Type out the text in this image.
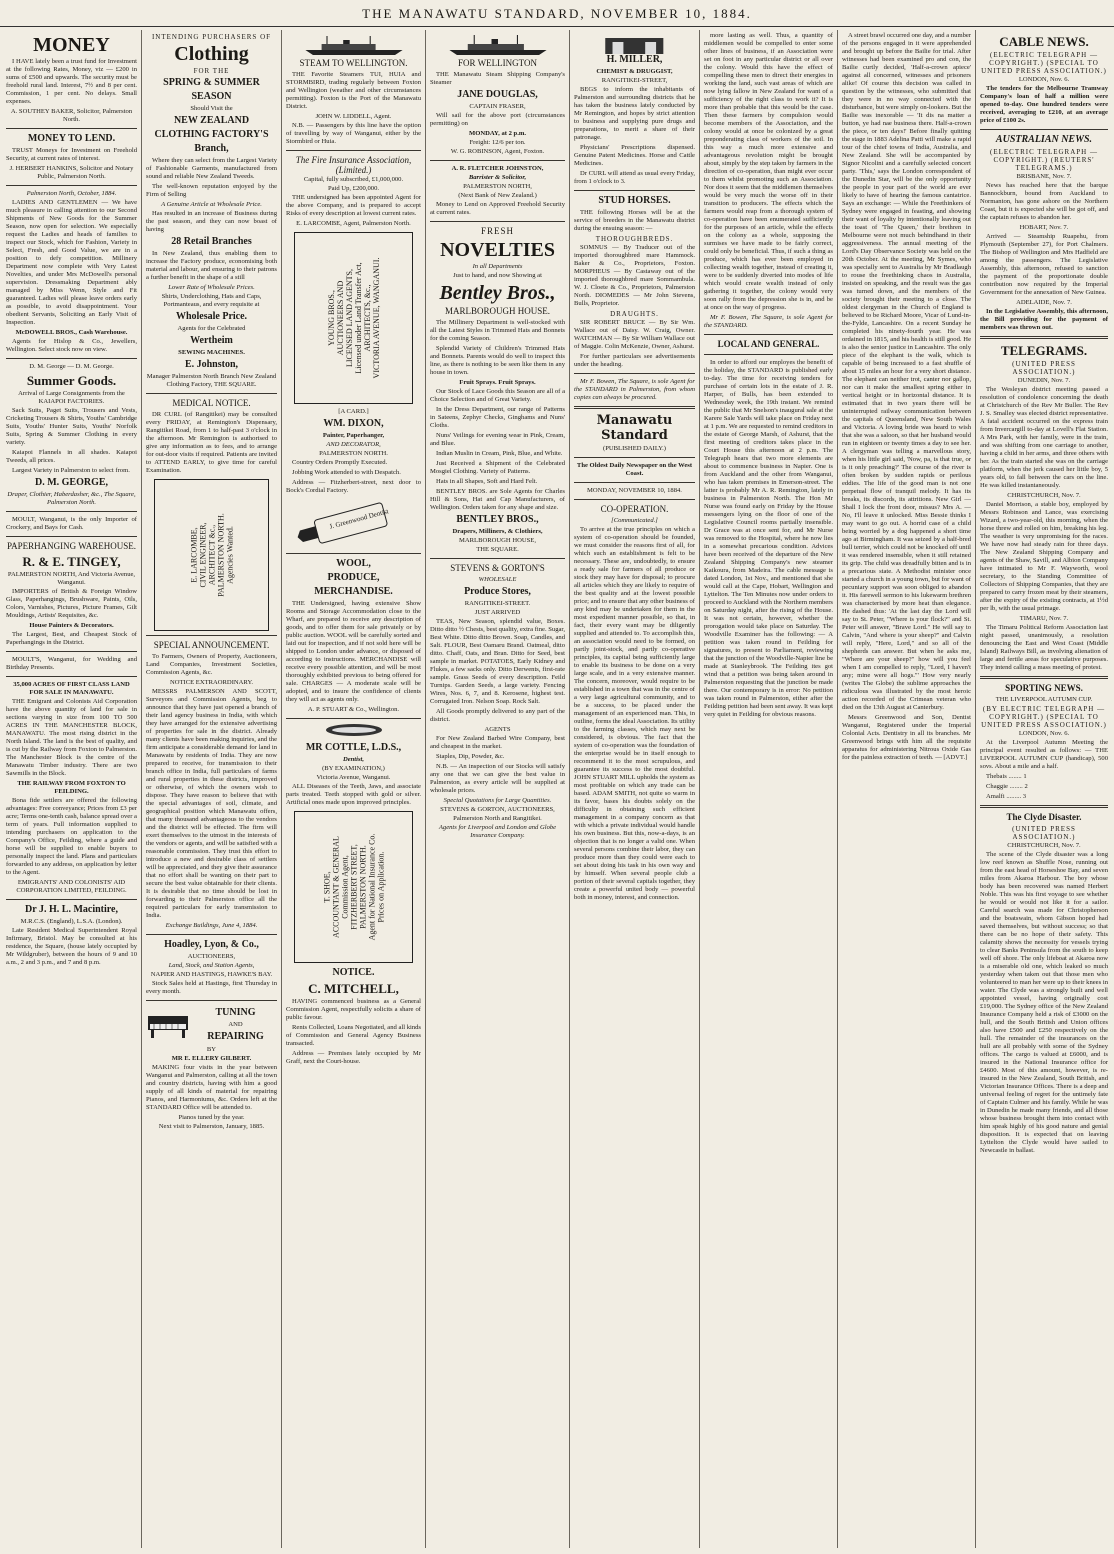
THE MANAWATU STANDARD, NOVEMBER 10, 1884.
MONEY

I HAVE lately been a trust fund for Investment at the following Rates, Money, viz — £200 in sums of £500 and upwards. The security must be freehold rural land. Interest, 7½ and 8 per cent. Commission, 1 per cent. No delays. Small expenses.

A. SOUTHEY BAKER, Solicitor, Palmerston North.

MONEY TO LEND.

TRUST Moneys for Investment on Freehold Security, at current rates of interest.

J. HERBERT HANKINS, Solicitor and Notary Public, Palmerston North.

Palmerston North, October, 1884.

LADIES AND GENTLEMEN — We have much pleasure in calling attention to our Second Shipments of New Goods for the Summer Season, now open for selection. We especially request the Ladies and heads of families to inspect our Stock, which for Fashion, Variety in Select, Fresh, and Good Value, we are in a position to defy competition. Millinery Department now complete with Very Latest Novelties, and under Mrs McDowell's personal supervision. Dressmaking Department ably managed by Miss Wenn, Style and Fit guaranteed. Ladies will please leave orders early as possible, to avoid disappointment. Your obedient Servants, Soliciting an Early Visit of Inspection.

McDOWELL BROS., Cash Warehouse.

Agents for Hislop & Co., Jewellers, Wellington. Select stock now on view.

D. M. George — D. M. George.

Summer Goods.

Arrival of Large Consignments from the KAIAPOI FACTORIES.

Sack Suits, Paget Suits, Trousers and Vests, Cricketing Trousers & Shirts, Youths' Cambridge Suits, Youths' Hunter Suits, Youths' Norfolk Suits, Spring & Summer Clothing in every variety.

Kaiapoi Flannels in all shades. Kaiapoi Tweeds, all prices.

Largest Variety in Palmerston to select from.

D. M. GEORGE,

Draper, Clothier, Haberdasher, &c., The Square, Palmerston North.

MOULT, Wanganui, is the only Importer of Crockery, and Bays for Cash.

PAPERHANGING WAREHOUSE.
R. & E. TINGEY,

PALMERSTON NORTH, And Victoria Avenue, Wanganui.

IMPORTERS of British & Foreign Window Glass, Paperhangings, Brushware, Paints, Oils, Colors, Varnishes, Pictures, Picture Frames, Gilt Mouldings, Artists' Requisites, &c.

House Painters & Decorators.

The Largest, Best, and Cheapest Stock of Paperhangings in the District.

MOULT'S, Wanganui, for Wedding and Birthday Presents.

35,000 ACRES OF FIRST CLASS LAND FOR SALE IN MANAWATU.

THE Emigrant and Colonists Aid Corporation have the above quantity of land for sale in sections varying in size from 100 TO 500 ACRES IN THE MANCHESTER BLOCK, MANAWATU. The most rising district in the North Island. The land is the best of quality, and is cut by the Railway from Foxton to Palmerston. The Manchester Block is the centre of the Manawatu Timber industry. There are two Sawmills in the Block.

THE RAILWAY FROM FOXTON TO FEILDING.

Bona fide settlers are offered the following advantages: Free conveyance; Prices from £3 per acre; Terms one-tenth cash, balance spread over a term of years. Full information supplied to intending purchasers on application to the Company's Office, Feilding, where a guide and horse will be supplied to enable buyers to personally inspect the land. Plans and particulars forwarded to any address, on application by letter to the Agent.

EMIGRANTS' AND COLONISTS' AID CORPORATION LIMITED, FEILDING.

Dr J. H. L. Macintire,

M.R.C.S. (England), L.S.A. (London).

Late Resident Medical Superintendent Royal Infirmary, Bristol. May be consulted at his residence, the Square, (house lately occupied by Mr Wildgruber), between the hours of 9 and 10 a.m., 2 and 3 p.m., and 7 and 8 p.m.

INTENDING PURCHASERS OF

Clothing

FOR THE

SPRING & SUMMER
SEASON

Should Visit the

NEW ZEALAND
CLOTHING FACTORY'S
Branch,

Where they can select from the Largest Variety of Fashionable Garments, manufactured from sound and reliable New Zealand Tweeds.

The well-known reputation enjoyed by the Firm of Selling

A Genuine Article at Wholesale Price.

Has resulted in an increase of Business during the past season, and they can now boast of having

28 Retail Branches

In New Zealand, thus enabling them to increase the Factory produce, economising both material and labour, and ensuring to their patrons a further benefit in the shape of a still

Lower Rate of Wholesale Prices.

Shirts, Underclothing, Hats and Caps, Portmanteaus, and every requisite at

Wholesale Price.

Agents for the Celebrated

Wertheim

SEWING MACHINES.

E. Johnston,

Manager Palmerston North Branch New Zealand Clothing Factory, THE SQUARE.

MEDICAL NOTICE.

DR CURL (of Rangitikei) may be consulted every FRIDAY, at Remington's Dispensary, Rangitikei Road, from 1 to half-past 3 o'clock in the afternoon. Mr Remington is authorised to give any information as to fees, and to arrange for out-door visits if required. Patients are invited to ATTEND EARLY, to give time for careful Examination.

E. LARCOMBE, CIVIL ENGINEER, ARCHITECT &c., PALMERSTON NORTH. Agencies Wanted.
SPECIAL ANNOUNCEMENT.

To Farmers, Owners of Property, Auctioneers, Land Companies, Investment Societies, Commission Agents, &c.

NOTICE EXTRAORDINARY.

MESSRS PALMERSON AND SCOTT, Surveyors and Commission Agents, beg to announce that they have just opened a branch of their land agency business in India, with which they have arranged for the extensive advertising of properties for sale in the district. Already many clients have been making inquiries, and the firm anticipate a considerable demand for land in Manawatu by residents of India. They are now prepared to receive, for transmission to their branch office in India, full particulars of farms and rural properties in these districts, improved or otherwise, of which the owners wish to dispose. They have reason to believe that with the special advantages of soil, climate, and geographical position which Manawatu offers, that many thousand advantageous to the vendors and the district will be effected. The firm will exert themselves to the utmost in the interests of the vendors or agents, and will be satisfied with a reasonable commission. They trust this effort to introduce a new and desirable class of settlers will be appreciated, and they give their assurance that no effort shall be wanting on their part to secure the best value obtainable for their clients. It is desirable that no time should be lost in forwarding to their Palmerston office all the required particulars for early transmission to India.

Exchange Buildings, June 4, 1884.

Hoadley, Lyon, & Co.,

AUCTIONEERS,

Land, Stock, and Station Agents,

NAPIER AND HASTINGS, HAWKE'S BAY.

Stock Sales held at Hastings, first Thursday in every month.

TUNING

AND

REPAIRING

BY

MR E. ELLERY GILBERT.

MAKING four visits in the year between Wanganui and Palmerston, calling at all the town and country districts, having with him a good supply of all kinds of material for repairing Pianos, and Harmoniums, &c. Orders left at the STANDARD Office will be attended to.

Pianos tuned by the year.

Next visit to Palmerston, January, 1885.

STEAM TO WELLINGTON.

THE Favorite Steamers TUI, HUIA and STORMBIRD, trading regularly between Foxton and Wellington (weather and other circumstances permitting). Foxton is the Port of the Manawatu District.

JOHN W. LIDDELL, Agent.

N.B. — Passengers by this line have the option of travelling by way of Wanganui, either by the Stormbird or Huia.

The Fire Insurance Association, (Limited.)

Capital, fully subscribed, £1,000,000.

Paid Up, £200,000.

THE undersigned has been appointed Agent for the above Company, and is prepared to accept Risks of every description at lowest current rates.

E. LARCOMBE, Agent, Palmerston North.

YOUNG BROS., AUCTIONEERS AND LICENSED LAND AGENTS, Licensed under Land Transfer Act, ARCHITECTS, &c., VICTORIA AVENUE, WANGANUI.

[A CARD.]

WM. DIXON,

Painter, Paperhanger,

AND DECORATOR,

PALMERSTON NORTH.

Country Orders Promptly Executed.

Jobbing Work attended to with Despatch.

Address — Fitzherbert-street, next door to Bock's Cordial Factory.

J. Greenwood Dentist
WOOL,
PRODUCE,
MERCHANDISE.

THE Undersigned, having extensive Show Rooms and Storage Accommodation close to the Wharf, are prepared to receive any description of goods, and to offer them for sale privately or by public auction. WOOL will be carefully sorted and laid out for inspection, and if not sold here will be shipped to London under advance, or disposed of according to instructions. MERCHANDISE will receive every possible attention, and will be most thoroughly exhibited previous to being offered for sale. CHARGES — A moderate scale will be adopted, and to insure the confidence of clients they will act as agents only.

A. P. STUART & Co., Wellington.

MR COTTLE, L.D.S.,

Dentist,

(BY EXAMINATION,)

Victoria Avenue, Wanganui.

ALL Diseases of the Teeth, Jaws, and associate parts treated. Teeth stopped with gold or silver. Artificial ones made upon improved principles.

T. SHOE, ACCOUNTANT & GENERAL Commission Agent, FITZHERBERT STREET, PALMERSTON NORTH. Agent for National Insurance Co. Prices on Application.
NOTICE.
C. MITCHELL,

HAVING commenced business as a General Commission Agent, respectfully solicits a share of public favour.

Rents Collected, Loans Negotiated, and all kinds of Commission and General Agency Business transacted.

Address — Premises lately occupied by Mr Graff, next the Court-house.

FOR WELLINGTON

THE Manawatu Steam Shipping Company's Steamer

JANE DOUGLAS,

CAPTAIN FRASER,

Will sail for the above port (circumstances permitting) on

MONDAY, at 2 p.m.

Freight: 12/6 per ton.

W. G. ROBINSON, Agent, Foxton.

A. R. FLETCHER JOHNSTON,

Barrister & Solicitor,

PALMERSTON NORTH,

(Next Bank of New Zealand.)

Money to Lend on Approved Freehold Security at current rates.

FRESH
NOVELTIES

In all Departments

Just to hand, and now Showing at

Bentley Bros.,
MARLBOROUGH HOUSE.

The Millinery Department is well-stocked with all the Latest Styles in Trimmed Hats and Bonnets for the coming Season.

Splendid Variety of Children's Trimmed Hats and Bonnets. Parents would do well to inspect this line, as there is nothing to be seen like them in any house in town.

Fruit Sprays. Fruit Sprays.

Our Stock of Lace Goods this Season are all of a Choice Selection and of Great Variety.

In the Dress Department, our range of Patterns in Sateens, Zephyr Checks, Ginghams and Nuns' Cloths.

Nuns' Veilings for evening wear in Pink, Cream, and Blue.

Indian Muslin in Cream, Pink, Blue, and White.

Just Received a Shipment of the Celebrated Mosgiel Clothing. Variety of Patterns.

Hats in all Shapes, Soft and Hard Felt.

BENTLEY BROS. are Sole Agents for Charles Hill & Sons, Hat and Cap Manufacturers, of Wellington. Orders taken for any shape and size.

BENTLEY BROS.,

Drapers, Milliners, & Clothiers,

MARLBOROUGH HOUSE,

THE SQUARE.

STEVENS & GORTON'S

WHOLESALE

Produce Stores,

RANGITIKEI-STREET.

JUST ARRIVED

TEAS, New Season, splendid value, Boxes. Ditto ditto ½ Chests, best quality, extra fine. Sugar, Best White. Ditto ditto Brown. Soap, Candles, and Salt. FLOUR, Best Oamaru Brand. Oatmeal, ditto ditto. Chaff, Oats, and Bran. Ditto for Seed, best sample in market. POTATOES, Early Kidney and Flukes, a few sacks only. Ditto Derwents, first-rate sample. Grass Seeds of every description. Feild Turnips. Garden Seeds, a large variety. Fencing Wires, Nos. 6, 7, and 8. Kerosene, highest test. Corrugated Iron. Nelson Soap. Rock Salt.

All Goods promptly delivered to any part of the district.

AGENTS

For New Zealand Barbed Wire Company, best and cheapest in the market.

Staples, Dip, Powder, &c.

N.B. — An inspection of our Stocks will satisfy any one that we can give the best value in Palmerston, as every article will be supplied at wholesale prices.

Special Quotations for Large Quantities.

STEVENS & GORTON, AUCTIONEERS,

Palmerston North and Rangitikei.

Agents for Liverpool and London and Globe Insurance Company.

H. MILLER,

CHEMIST & DRUGGIST,

RANGITIKEI-STREET,

BEGS to inform the inhabitants of Palmerston and surrounding districts that he has taken the business lately conducted by Mr Remington, and hopes by strict attention to business and supplying pure drugs and preparations, to merit a share of their patronage.

Physicians' Prescriptions dispensed. Genuine Patent Medicines. Horse and Cattle Medicines.

Dr CURL will attend as usual every Friday, from 1 o'clock to 3.

STUD HORSES.

THE following Horses will be at the service of breeders in the Manawatu district during the ensuing season: —

THOROUGHBREDS.

SOMNUS — By Traducer out of the imported thoroughbred mare Hammock. Baker & Co., Proprietors, Foxton. MORPHEUS — By Castaway out of the imported thoroughbred mare Sommambula. W. J. Cloete & Co., Proprietors, Palmerston North. DIOMEDES — Mr John Stevens, Bulls, Proprietor.

DRAUGHTS.

SIR ROBERT BRUCE — By Sir Wm. Wallace out of Daisy. W. Craig, Owner. WATCHMAN — By Sir William Wallace out of Maggie. Colin McKenzie, Owner, Ashurst.

For further particulars see advertisements under the heading.

Mr F. Bowen, The Square, is sole Agent for the STANDARD in Palmerston, from whom copies can always be procured.

Manawatu Standard

(PUBLISHED DAILY.)

The Oldest Daily Newspaper on the West Coast.

MONDAY, NOVEMBER 10, 1884.

CO-OPERATION.

[Communicated.]

To arrive at the true principles on which a system of co-operation should be founded, we must consider the reasons first of all, for which such an establishment is felt to be necessary. These are, undoubtedly, to ensure a ready sale for farmers of all produce or stock they may have for disposal; to procure all articles which they are likely to require of the best quality and at the lowest possible price; and to ensure that any other business of any kind may be undertaken for them in the most expedient manner possible, so that, in fact, their every want may be diligently supplied and attended to. To accomplish this, an association would need to be formed, on partly joint-stock, and partly co-operative principles, its capital being sufficiently large to enable its business to be done on a very large scale, and in a very extensive manner. The concern, moreover, would require to be established in a town that was in the centre of a very large agricultural community, and to be a success, to be placed under the management of an experienced man. This, in outline, forms the ideal Association. Its utility to the farming classes, which may next be considered, is obvious. The fact that the system of co-operation was the foundation of the enterprise would be in itself enough to recommend it to the most scrupulous, and guarantee its success to the most doubtful. JOHN STUART MILL upholds the system as most profitable on which any trade can be based. ADAM SMITH, not quite so warm in its favor, bases his doubts solely on the difficulty in obtaining such efficient management in a company concern as that with which a private individual would handle his own business. But this, now-a-days, is an objection that is no longer a valid one. When several persons combine their labor, they can produce more than they could were each to set about doing his task in his own way and by himself. When several people club a portion of their several capitals together, they create a powerful united body — powerful both in money, interest, and connection.

more lasting as well. Thus, a quantity of middlemen would be compelled to enter some other lines of business, if an Association were set on foot in any particular district or all over the colony. Would this have the effect of compelling these men to direct their energies in working the land, such vast areas of which are now lying fallow in New Zealand for want of a sufficiency of the right class to work it? It is more than probable that this would be the case. Then these farmers by compulsion would become members of the Association, and the colony would at once be colonized by a great preponderating class of workers of the soil. In this way a much more extensive and advantageous revolution might be brought about, simply by the step taken by farmers in the direction of co-operation, than might ever occur to them whilst promoting such an Association. Nor does it seem that the middlemen themselves would be very much the worse off in their transition to producers. The effects which the farmers would reap from a thorough system of co-operation have been enumerated sufficiently for the purposes of an article, while the effects on the colony as a whole, supposing the surmises we have made to be fairly correct, could only be beneficial. Thus, if such a thing as produce, which has ever been employed in collecting wealth together, instead of creating it, were to be suddenly diverted into modes of life which would create wealth instead of only gathering it together, the colony would very soon rally from the depression she is in, and be at once on the way of progress.

Mr F. Bowen, The Square, is sole Agent for the STANDARD.

LOCAL AND GENERAL.

In order to afford our employes the benefit of the holiday, the STANDARD is published early to-day. The time for receiving tenders for purchase of certain lots in the estate of J. R. Harper, of Bulls, has been extended to Wednesday week, the 19th instant. We remind the public that Mr Snelson's inaugural sale at the Karere Sale Yards will take place on Friday next at 1 p.m. We are requested to remind creditors in the estate of George Marsh, of Ashurst, that the first meeting of creditors takes place in the Court House this afternoon at 2 p.m. The Telegraph hears that two more elements are about to commence business in Napier. One is from Auckland and the other from Wanganui, who has taken premises in Emerson-street. The latter is probably Mr A. R. Remington, lately in business in Palmerston North. The Hon Mr Nurse was found early on Friday by the House messengers lying on the floor of one of the Legislative Council rooms partially insensible. Dr Grace was at once sent for, and Mr Nurse was removed to the Hospital, where he now lies in a somewhat precarious condition. Advices have been received of the departure of the New Zealand Shipping Company's new steamer Kaikoura, from Madeira. The cable message is dated London, 1st Nov., and mentioned that she would call at the Cape, Hobart, Wellington and Lyttelton. The Ten Minutes now under orders to proceed to Auckland with the Northern members on Saturday night, after the rising of the House. It was not certain, however, whether the prorogation would take place on Saturday. The Woodville Examiner has the following: — A petition was taken round in Feilding for signatures, to present to Parliament, reviewing that the junction of the Woodville-Napier line be made at Stanleybrook. The Feilding ites got wind that a petition was being taken around in Palmerston requesting that the junction be made there. Our contemporary is in error: No petition was taken round in Palmerston, either after the Feilding petition had been sent away. It was kept very quiet in Feilding for obvious reasons.

A street brawl occurred one day, and a number of the persons engaged in it were apprehended and brought up before the Bailie for trial. After witnesses had been examined pro and con, the Bailie curtly decided, 'Half-a-crown apiece' against all concerned, witnesses and prisoners alike! Of course this decision was called in question by the witnesses, who submitted that they were in no way connected with the disturbance, but were simply on-lookers. But the Bailie was inexorable — 'It dis na matter a button, ye had nae business there. Half-a-crown the piece, or ten days!' Before finally quitting the stage in 1883 Adelina Patti will make a rapid tour of the chief towns of India, Australia, and New Zealand. She will be accompanied by Signor Nicolini and a carefully selected concert party. 'This,' says the London correspondent of the Dunedin Star, will be the only opportunity the people in your part of the world are ever likely to have of hearing the famous cantatrice. Says an exchange: — While the Freethinkers of Sydney were engaged in feasting, and showing their want of loyalty by intentionally leaving out the toast of 'The Queen,' their brethren in Melbourne were not much behindhand in their aggressiveness. The annual meeting of the Lord's Day Observance Society was held on the 20th October. At the meeting, Mr Symes, who was specially sent to Australia by Mr Bradlaugh to rouse the freethinking chaos in Australia, insisted on speaking, and the result was the gas was turned down, and the members of the society brought their meeting to a close. The oldest clergyman in the Church of England is believed to be Richard Moore, Vicar of Lund-in-the-Fylde, Lancashire. On a recent Sunday he completed his ninety-fourth year. He was ordained in 1815, and his health is still good. He is also the senior justice in Lancashire. The only piece of the elephant is the walk, which is capable of being increased to a fast shuffle of about 15 miles an hour for a very short distance. The elephant can neither trot, canter nor gallop, nor can it make the smallest spring either in vertical height or in horizontal distance. It is estimated that in two years there will be uninterrupted railway communication between the capitals of Queensland, New South Wales and Victoria. A loving bride was heard to wish that she was a saloon, so that her husband would run in eighteen or twenty times a day to see her. A clergyman was telling a marvellous story, when his little girl said, 'Now, pa, is that true, or is it only preaching?' The course of the river is often broken by sudden rapids or perilous eddies. The life of the good man is not one perpetual flow of tranquil melody. It has its breaks, its discords, its attritions. New Girl — Shall I lock the front door, missus? Mrs A. — No, I'll leave it unlocked. Miss Bessie thinks I may want to go out. A horrid case of a child being worried by a dog happened a short time ago at Birmingham. It was seized by a half-bred bull terrier, which could not be knocked off until it was rendered insensible, when it still retained its grip. The child was dreadfully bitten and is in a precarious state. A Methodist minister once started a church in a young town, but for want of pecuniary support was soon obliged to abandon it. His farewell sermon to his lukewarm brethren was characterised by more heat than elegance. He dashed thus: 'At the last day the Lord will say to St. Peter, "Where is your flock?" and St. Peter will answer, "Brave Lord." He will say to Calvin, "And where is your sheep?" and Calvin will reply, "Here, Lord," and so all of the shepherds can answer. But when he asks me, "Where are your sheep?" how will you feel when I am compelled to reply, "Lord, I haven't any; mine were all hogs."' How very nearly (writes The Globe) the sublime approaches the ridiculous was illustrated by the most heroic action recorded of the Crimean veteran who died on the 13th August at Canterbury.

Messrs Greenwood and Son, Dentist Wanganui, Registered under the Imperial Colonial Acts. Dentistry in all its branches. Mr Greenwood brings with him all the requisite apparatus for administering Nitrous Oxide Gas for the painless extraction of teeth. — [ADVT.]

CABLE NEWS.

(ELECTRIC TELEGRAPH — COPYRIGHT.) (SPECIAL TO UNITED PRESS ASSOCIATION.)

LONDON, Nov. 6.

The tenders for the Melbourne Tramway Company's loan of half a million were opened to-day. One hundred tenders were received, averaging to £210, at an average price of £100 2s.

AUSTRALIAN NEWS.

(ELECTRIC TELEGRAPH — COPYRIGHT.) (REUTERS' TELEGRAMS.)

BRISBANE, Nov. 7.

News has reached here that the barque Bannockburn, bound from Auckland to Normanton, has gone ashore on the Northern Coast, but it is expected she will be got off, and the captain refuses to abandon her.

HOBART, Nov. 7.

Arrived — Steamship Ruapehu, from Plymouth (September 27), for Port Chalmers. The Bishop of Wellington and Mrs Hadfield are among the passengers. The Legislative Assembly, this afternoon, refused to sanction the payment of the proportionate double contribution now required by the Imperial Government for the annexation of New Guinea.

ADELAIDE, Nov. 7.

In the Legislative Assembly, this afternoon, the Bill providing for the payment of members was thrown out.

TELEGRAMS.

(UNITED PRESS ASSOCIATION.)

DUNEDIN, Nov. 7.

The Wesleyan district meeting passed a resolution of condolence concerning the death at Christchurch of the Rev Mr Buller. The Rev J. S. Smalley was elected district representative. A fatal accident occurred on the express train from Invercargill to-day at Lovell's Flat Station. A Mrs Park, with her family, were in the train, and was shifting from one carriage to another, having a child in her arms, and three others with her. As the train started she was on the carriage platform, when the jerk caused her little boy, 5 years old, to fall between the cars on the line. He was killed instantaneously.

CHRISTCHURCH, Nov. 7.

Daniel Morrison, a stable boy, employed by Messrs Robinson and Lance, was exercising Wizard, a two-year-old, this morning, when the horse threw and rolled on him, breaking his leg. The weather is very unpromising for the races. We have now had steady rain for three days. The New Zealand Shipping Company and agents of the Shaw, Savill, and Albion Company have intimated to Mr F. Wayworth, wool secretary, to the Standing Committee of Collectors of Shipping Companies, that they are prepared to carry frozen meat by their steamers, after the expiry of the existing contracts, at 1½d per lb, with the usual primage.

TIMARU, Nov. 7.

The Timaru Political Reform Association last night passed, unanimously, a resolution denouncing the East and West Coast (Middle Island) Railways Bill, as involving alienation of large and fertile areas for speculative purposes. They intend calling a mass meeting of protest.

SPORTING NEWS.

THE LIVERPOOL AUTUMN CUP.

(BY ELECTRIC TELEGRAPH — COPYRIGHT.) (SPECIAL TO UNITED PRESS ASSOCIATION.)

LONDON, Nov. 6.

At the Liverpool Autumn Meeting the principal event resulted as follows: — THE LIVERPOOL AUTUMN CUP (handicap), 500 sovs. About a mile and a half.

Thebais ........ 1

Chaggie ........ 2

Amalfi ......... 3

The Clyde Disaster.

(UNITED PRESS ASSOCIATION.)

CHRISTCHURCH, Nov. 7.

The scene of the Clyde disaster was a long low reef known as Shuffle Nose, running out from the east head of Horseshoe Bay, and seven miles from Akaroa Harbour. The boy whose body has been recovered was named Herbert Noble. This was his first voyage to see whether he would or would not like it for a sailor. Careful search was made for Christopherson and the boatswain, whom Gibson hoped had saved themselves, but without success; so that there can be no hope of their safety. This calamity shows the necessity for vessels trying to clear Banks Peninsula from the south to keep well off shore. The only lifeboat at Akaroa now is a miserable old one, which leaked so much yesterday when taken out that those men who volunteered to man her were up to their knees in water. The Clyde was a strongly built and well appointed vessel, having originally cost £19,000. The Sydney office of the New Zealand Insurance Company held a risk of £3000 on the hull, and the South British and Union offices also have £500 and £250 respectively on the hull. The remainder of the insurances on the hull are all probably with some of the Sydney offices. The cargo is valued at £6000, and is insured in the National Insurance office for £4600. Most of this amount, however, is re-insured in the New Zealand, South British, and Victorian Insurance Offices. There is a deep and universal feeling of regret for the untimely fate of Captain Culmer and his family. While he was in Dunedin he made many friends, and all those whose business brought them into contact with him speak highly of his good nature and genial disposition. It is expected that on leaving Lyttelton the Clyde would have sailed to Newcastle in ballast.
